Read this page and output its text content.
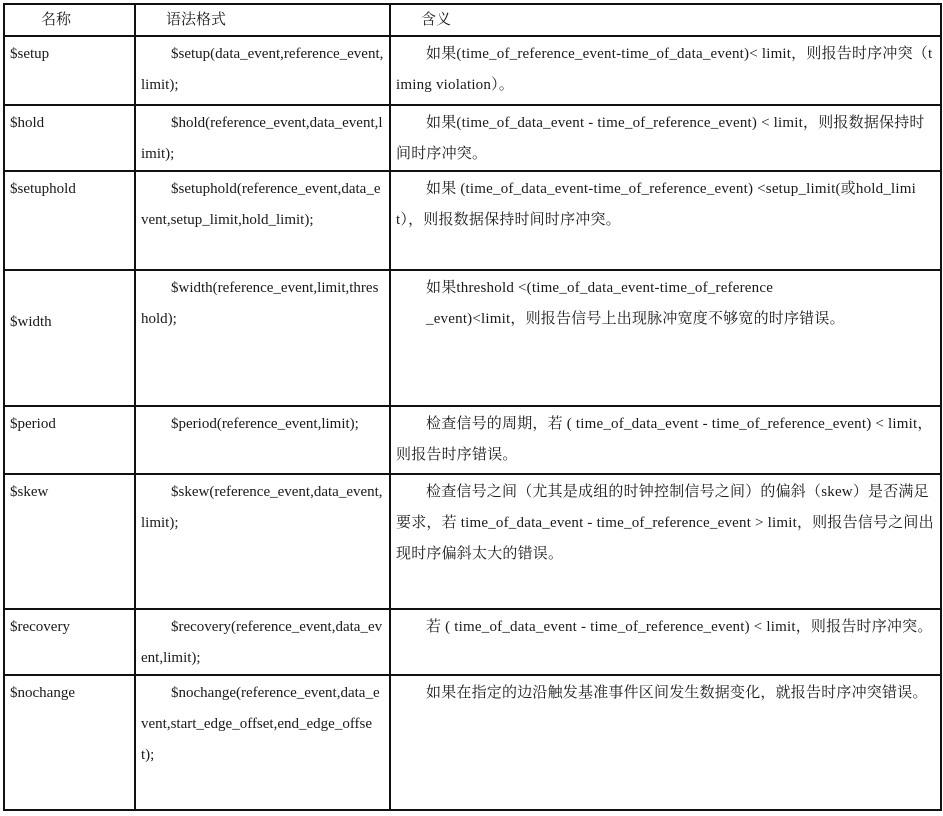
名称	语法格式	含义
$setup	$setup(data_event,reference_event,limit);	如果(time_of_reference_event-time_of_data_event)< limit，则报告时序冲突（timing violation）。

$hold	$hold(reference_event,data_event,limit);	如果(time_of_data_event - time_of_reference_event) < limit，则报数据保持时间时序冲突。

$setuphold	$setuphold(reference_event,data_event,setup_limit,hold_limit);	如果 (time_of_data_event-time_of_reference_event) <setup_limit(或hold_limit），则报数据保持时间时序冲突。

$width	$width(reference_event,limit,threshold);	如果threshold <(time_of_data_event-time_of_reference
_event)<limit，则报告信号上出现脉冲宽度不够宽的时序错误。

$period	$period(reference_event,limit);	检查信号的周期，若 ( time_of_data_event - time_of_reference_event) < limit，则报告时序错误。

$skew	$skew(reference_event,data_event,limit);	检查信号之间（尤其是成组的时钟控制信号之间）的偏斜（skew）是否满足要求，若 time_of_data_event - time_of_reference_event > limit，则报告信号之间出现时序偏斜太大的错误。

$recovery	$recovery(reference_event,data_event,limit);	若 ( time_of_data_event - time_of_reference_event) < limit，则报告时序冲突。

$nochange	$nochange(reference_event,data_event,start_edge_offset,end_edge_offset);	如果在指定的边沿触发基准事件区间发生数据变化，就报告时序冲突错误。
